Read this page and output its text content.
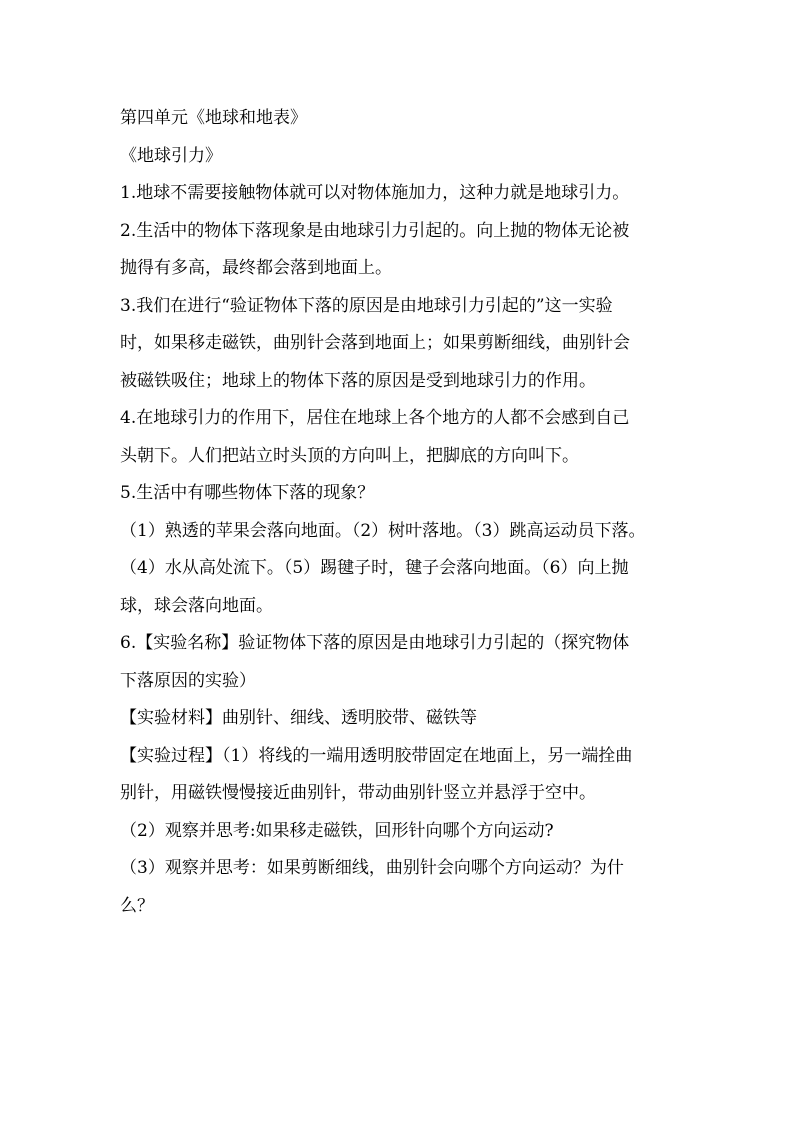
第四单元《地球和地表》
《地球引力》
1.地球不需要接触物体就可以对物体施加力，这种力就是地球引力。
2.生活中的物体下落现象是由地球引力引起的。向上抛的物体无论被
抛得有多高，最终都会落到地面上。
3.我们在进行“验证物体下落的原因是由地球引力引起的”这一实验
时，如果移走磁铁，曲别针会落到地面上；如果剪断细线，曲别针会
被磁铁吸住；地球上的物体下落的原因是受到地球引力的作用。
4.在地球引力的作用下，居住在地球上各个地方的人都不会感到自己
头朝下。人们把站立时头顶的方向叫上，把脚底的方向叫下。
5.生活中有哪些物体下落的现象？
（1）熟透的苹果会落向地面。（2）树叶落地。（3）跳高运动员下落。
（4）水从高处流下。（5）踢毽子时，毽子会落向地面。（6）向上抛
球，球会落向地面。
6.【实验名称】验证物体下落的原因是由地球引力引起的（探究物体
下落原因的实验）
【实验材料】曲别针、细线、透明胶带、磁铁等
【实验过程】（1）将线的一端用透明胶带固定在地面上，另一端拴曲
别针，用磁铁慢慢接近曲别针，带动曲别针竖立并悬浮于空中。
（2）观察并思考:如果移走磁铁，回形针向哪个方向运动?
（3）观察并思考：如果剪断细线，曲别针会向哪个方向运动？为什
么？
